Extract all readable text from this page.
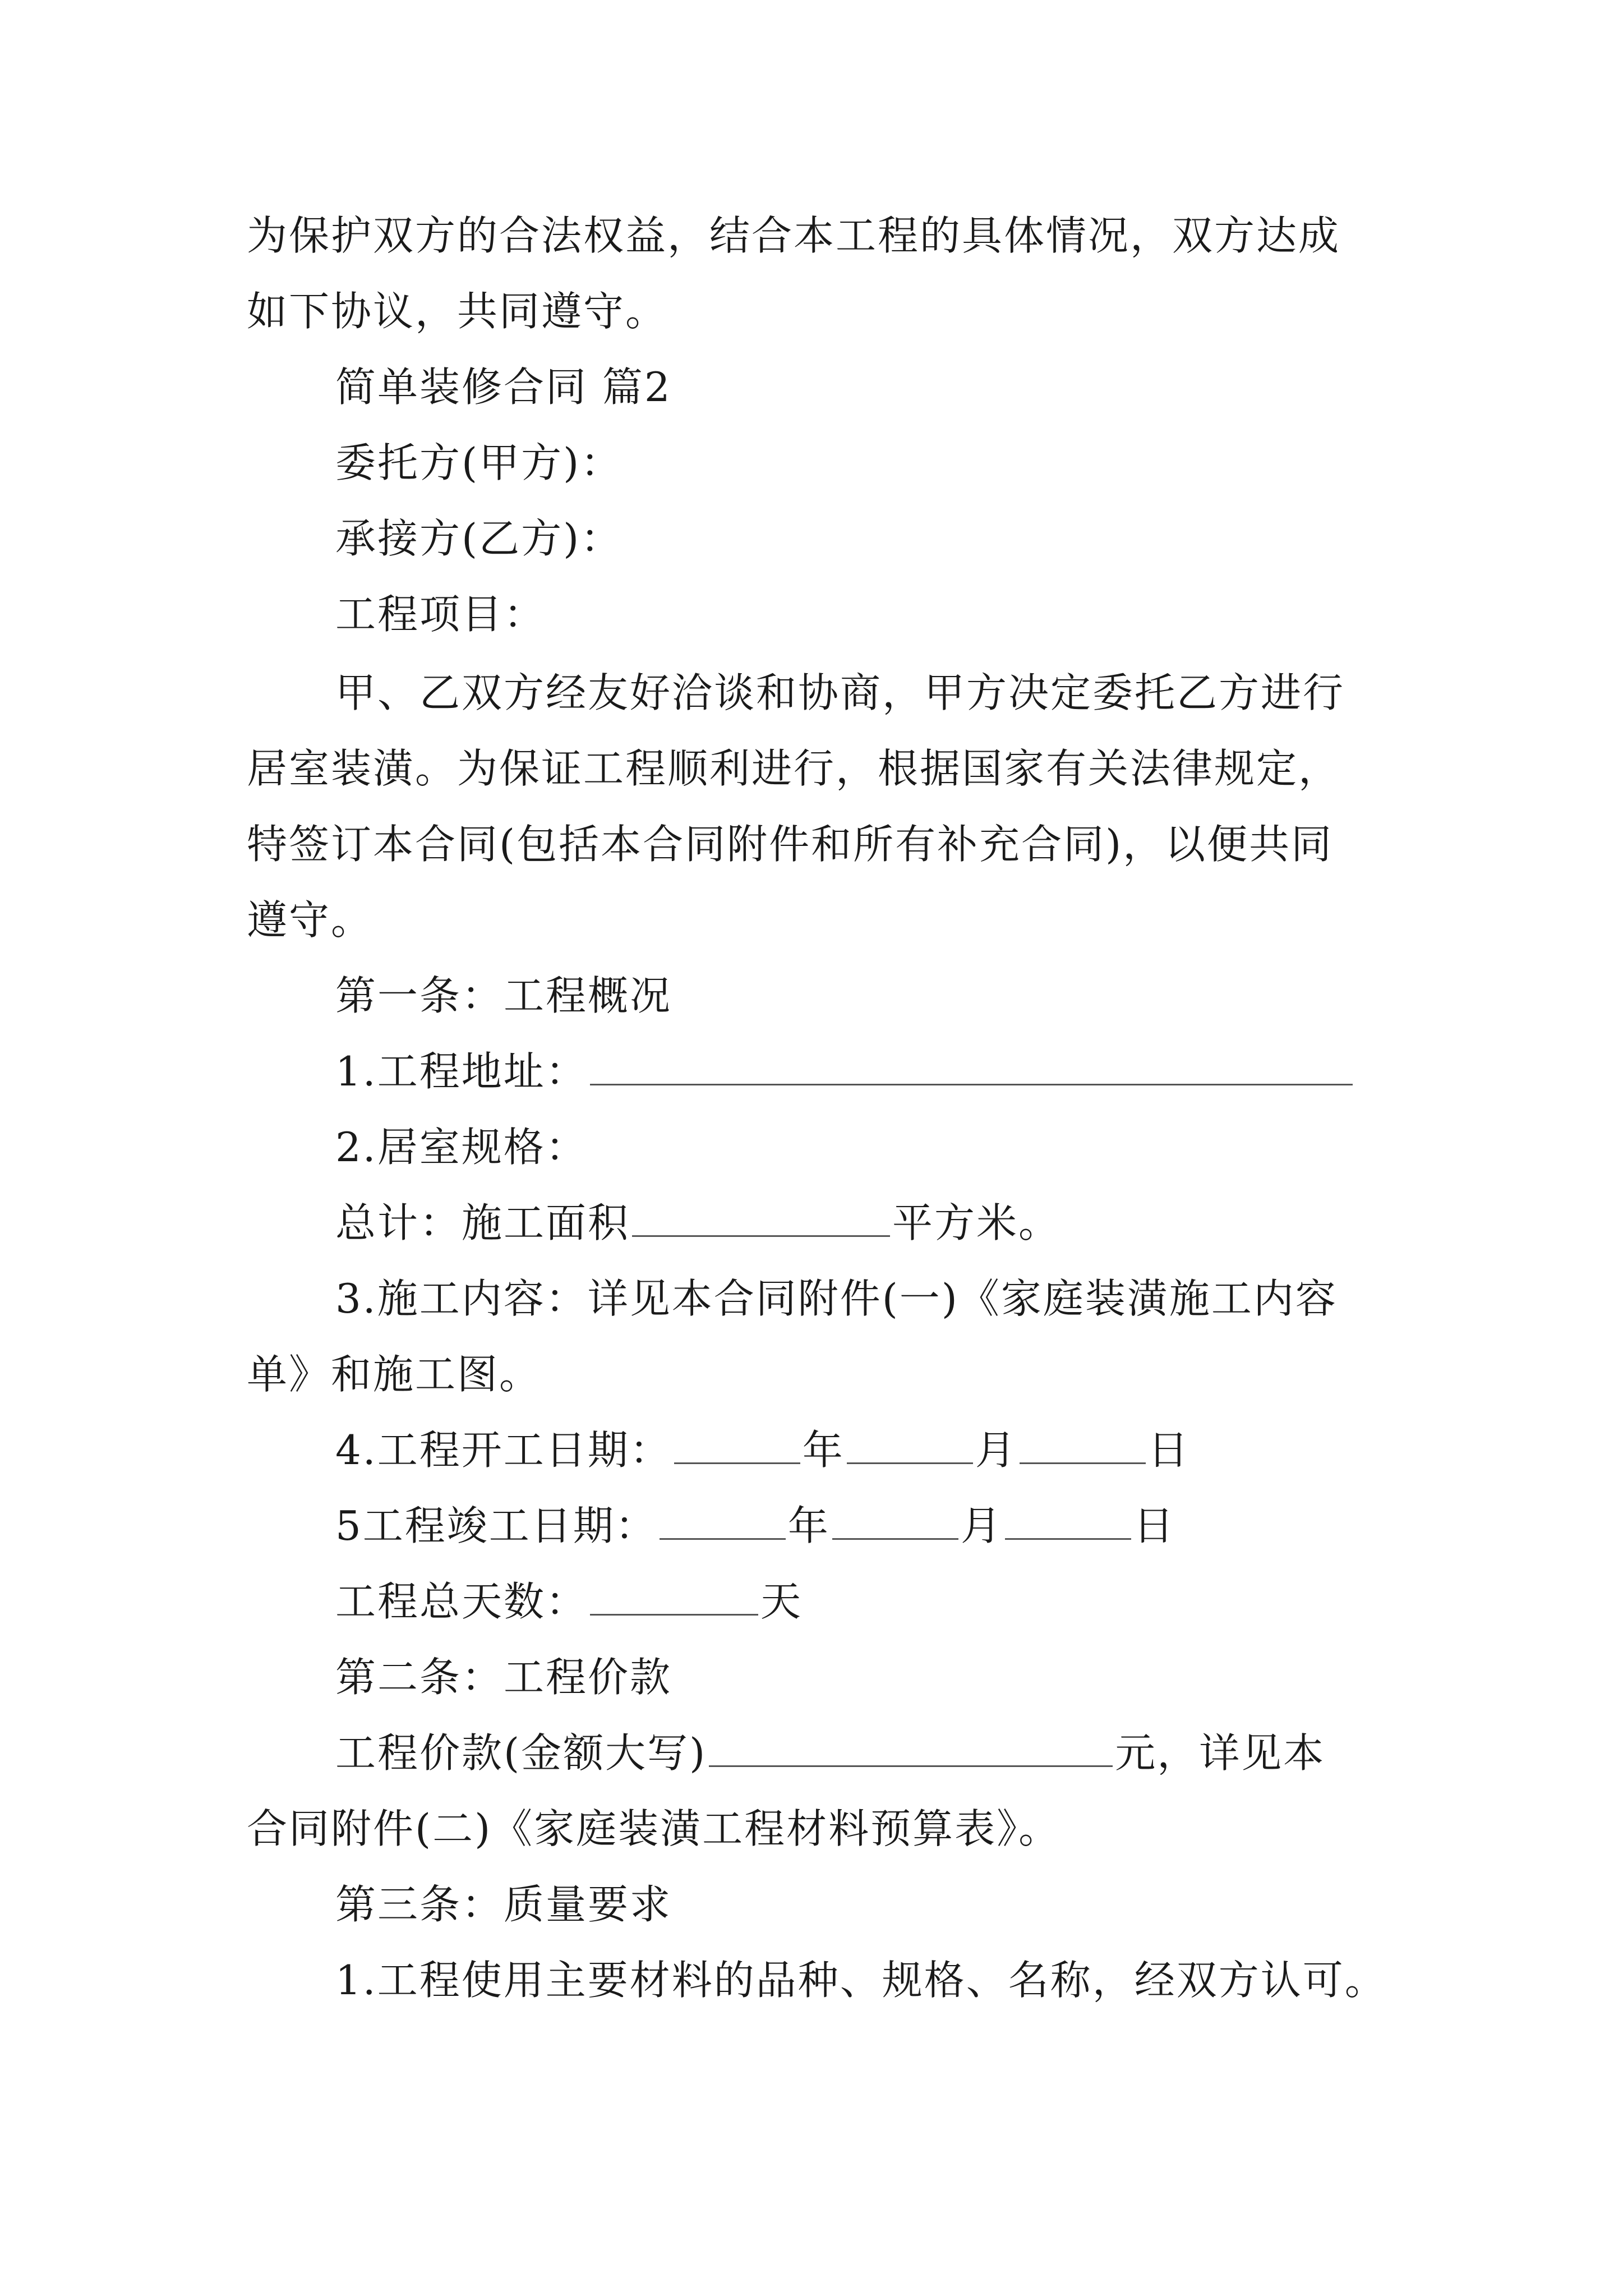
为保护双方的合法权益，结合本工程的具体情况，双方达成
如下协议，共同遵守。
简单装修合同 篇2
委托方(甲方)：
承接方(乙方)：
工程项目：
甲、乙双方经友好洽谈和协商，甲方决定委托乙方进行
居室装潢。为保证工程顺利进行，根据国家有关法律规定，
特签订本合同(包括本合同附件和所有补充合同)，以便共同
遵守。
第一条：工程概况
1.工程地址：
2.居室规格：
总计：施工面积	平方米。
3.施工内容：详见本合同附件(一)《家庭装潢施工内容
单》和施工图。
4.工程开工日期：	年	月	日
5工程竣工日期：	年	月	日
工程总天数：	天
第二条：工程价款
工程价款(金额大写)	元，详见本
合同附件(二)《家庭装潢工程材料预算表》。
第三条：质量要求
1.工程使用主要材料的品种、规格、名称，经双方认可。
